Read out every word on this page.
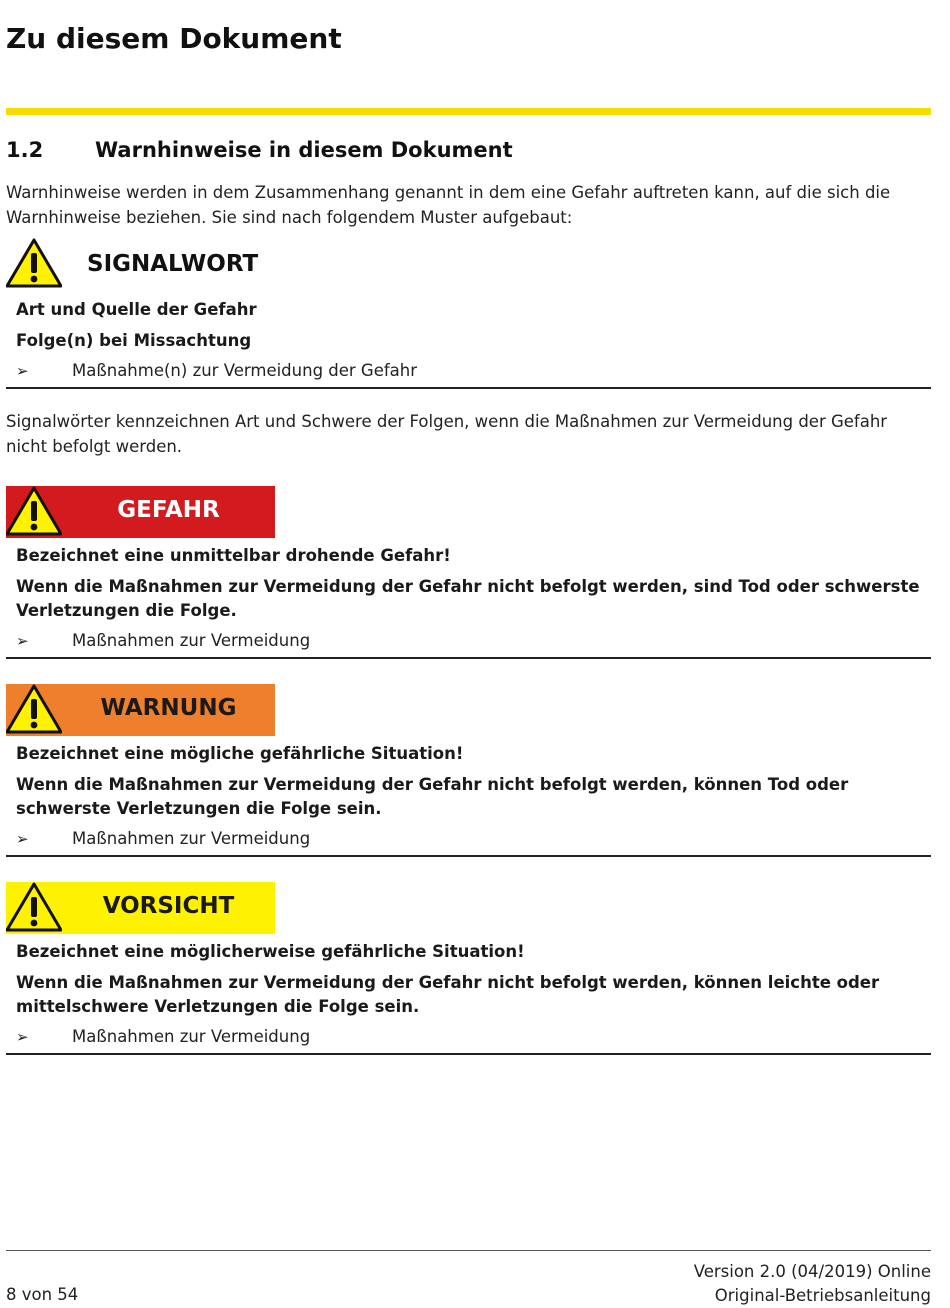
Zu diesem Dokument
1.2 Warnhinweise in diesem Dokument

Warnhinweise werden in dem Zusammenhang genannt in dem eine Gefahr auftreten kann, auf die sich die Warnhinweise beziehen. Sie sind nach folgendem Muster aufgebaut:

SIGNALWORT

Art und Quelle der Gefahr

Folge(n) bei Missachtung

➢	Maßnahme(n) zur Vermeidung der Gefahr

Signalwörter kennzeichnen Art und Schwere der Folgen, wenn die Maßnahmen zur Vermeidung der Gefahr nicht befolgt werden.

GEFAHR

Bezeichnet eine unmittelbar drohende Gefahr!

Wenn die Maßnahmen zur Vermeidung der Gefahr nicht befolgt werden, sind Tod oder schwerste Verletzungen die Folge.

➢	Maßnahmen zur Vermeidung
WARNUNG

Bezeichnet eine mögliche gefährliche Situation!

Wenn die Maßnahmen zur Vermeidung der Gefahr nicht befolgt werden, können Tod oder schwerste Verletzungen die Folge sein.

➢	Maßnahmen zur Vermeidung
VORSICHT

Bezeichnet eine möglicherweise gefährliche Situation!

Wenn die Maßnahmen zur Vermeidung der Gefahr nicht befolgt werden, können leichte oder mittelschwere Verletzungen die Folge sein.

➢	Maßnahmen zur Vermeidung
8 von 54
Version 2.0 (04/2019) Online
Original-Betriebsanleitung
